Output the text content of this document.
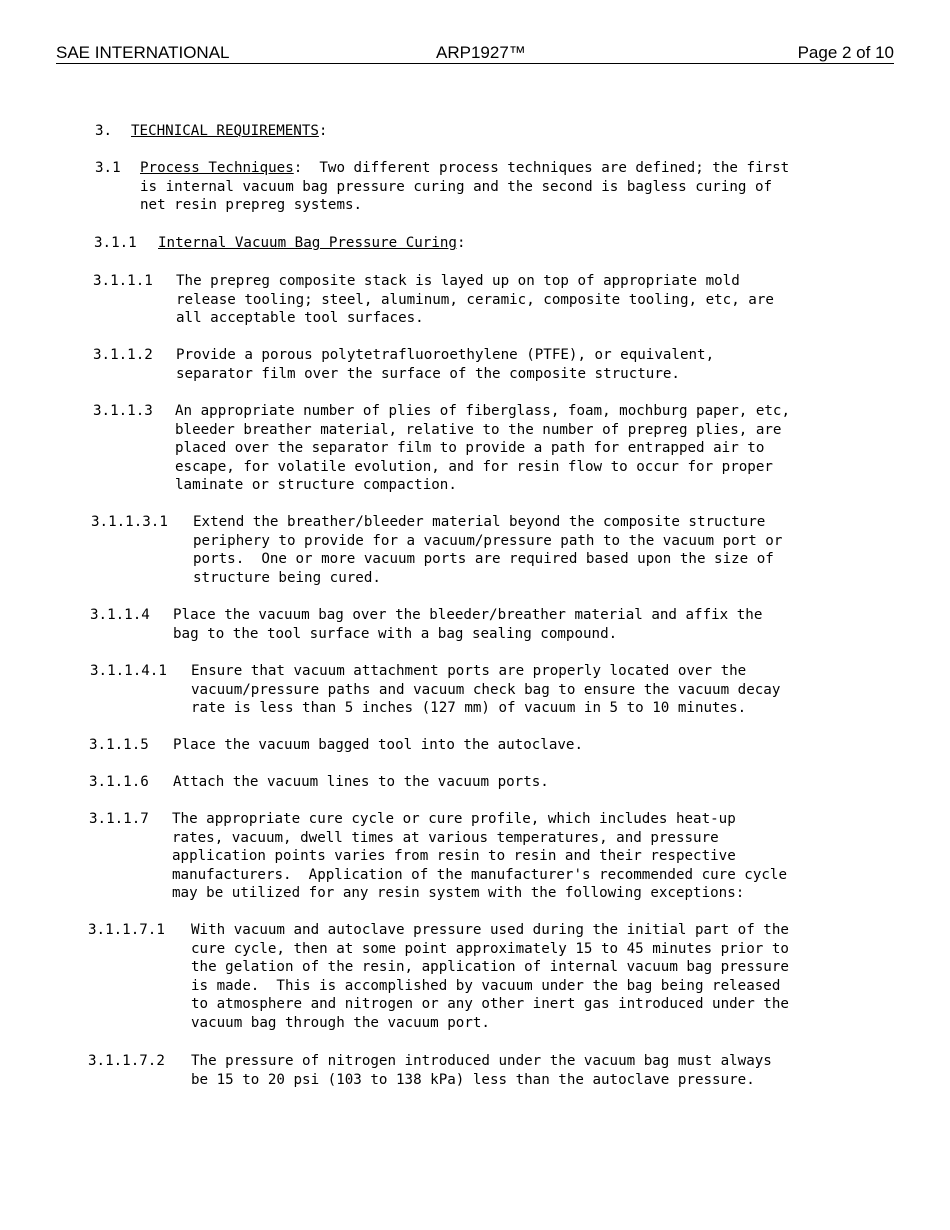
SAE INTERNATIONAL	ARP1927™	Page 2 of 10
3.	TECHNICAL REQUIREMENTS:
3.1	Process Techniques:  Two different process techniques are defined; the first
is internal vacuum bag pressure curing and the second is bagless curing of
net resin prepreg systems.
3.1.1	Internal Vacuum Bag Pressure Curing:
3.1.1.1	The prepreg composite stack is layed up on top of appropriate mold
release tooling; steel, aluminum, ceramic, composite tooling, etc, are
all acceptable tool surfaces.
3.1.1.2	Provide a porous polytetrafluoroethylene (PTFE), or equivalent,
separator film over the surface of the composite structure.
3.1.1.3	An appropriate number of plies of fiberglass, foam, mochburg paper, etc,
bleeder breather material, relative to the number of prepreg plies, are
placed over the separator film to provide a path for entrapped air to
escape, for volatile evolution, and for resin flow to occur for proper
laminate or structure compaction.
3.1.1.3.1	Extend the breather/bleeder material beyond the composite structure
periphery to provide for a vacuum/pressure path to the vacuum port or
ports.  One or more vacuum ports are required based upon the size of
structure being cured.
3.1.1.4	Place the vacuum bag over the bleeder/breather material and affix the
bag to the tool surface with a bag sealing compound.
3.1.1.4.1	Ensure that vacuum attachment ports are properly located over the
vacuum/pressure paths and vacuum check bag to ensure the vacuum decay
rate is less than 5 inches (127 mm) of vacuum in 5 to 10 minutes.
3.1.1.5	Place the vacuum bagged tool into the autoclave.
3.1.1.6	Attach the vacuum lines to the vacuum ports.
3.1.1.7	The appropriate cure cycle or cure profile, which includes heat-up
rates, vacuum, dwell times at various temperatures, and pressure
application points varies from resin to resin and their respective
manufacturers.  Application of the manufacturer's recommended cure cycle
may be utilized for any resin system with the following exceptions:
3.1.1.7.1	With vacuum and autoclave pressure used during the initial part of the
cure cycle, then at some point approximately 15 to 45 minutes prior to
the gelation of the resin, application of internal vacuum bag pressure
is made.  This is accomplished by vacuum under the bag being released
to atmosphere and nitrogen or any other inert gas introduced under the
vacuum bag through the vacuum port.
3.1.1.7.2	The pressure of nitrogen introduced under the vacuum bag must always
be 15 to 20 psi (103 to 138 kPa) less than the autoclave pressure.
